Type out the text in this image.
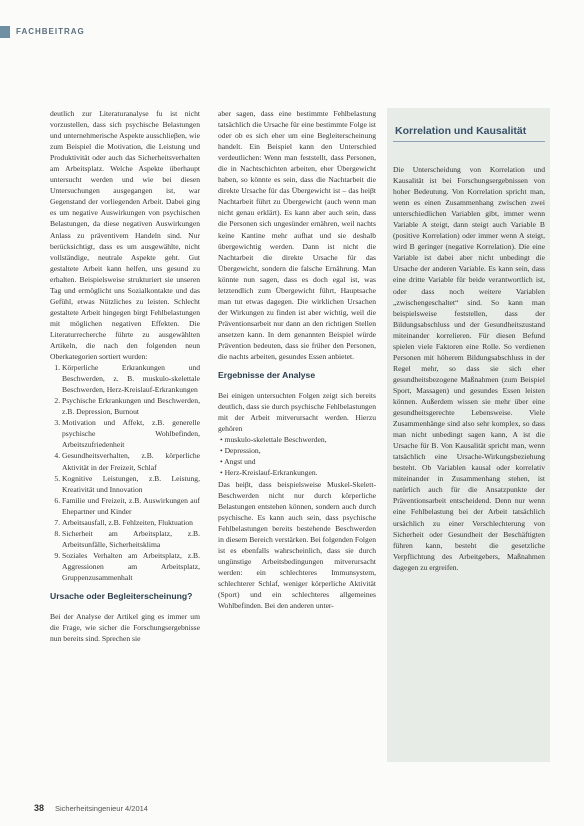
FACHBEITRAG

deutlich zur Literaturanalyse fu ist nicht vorzustellen, dass sich psychische Belastungen und unternehmerische Aspekte ausschlieβen, wie zum Beispiel die Motivation, die Leistung und Produktivität oder auch das Sicherheitsverhalten am Arbeitsplatz. Welche Aspekte überhaupt untersucht werden und wie bei diesen Untersuchungen ausgegangen ist, war Gegenstand der vorliegenden Arbeit. Dabei ging es um negative Auswirkungen von psychischen Belastungen, da diese negativen Auswirkungen Anlass zu präventivem Handeln sind. Nur berücksichtigt, dass es um ausgewählte, nicht vollständige, neutrale Aspekte geht. Gut gestaltete Arbeit kann helfen, uns gesund zu erhalten. Beispielsweise strukturiert sie unseren Tag und ermöglicht uns Sozialkontakte und das Gefühl, etwas Nützliches zu leisten. Schlecht gestaltete Arbeit hingegen birgt Fehlbelastungen mit möglichen negativen Effekten. Die Literaturrecherche führte zu ausgewählten Artikeln, die nach den folgenden neun Oberkategorien sortiert wurden:

1. Körperliche Erkrankungen und Beschwerden, z. B. muskulo-skelettale Beschwerden, Herz-Kreislauf-Erkrankungen
2. Psychische Erkrankungen und Beschwerden, z.B. Depression, Burnout
3. Motivation und Affekt, z.B. generelle psychische Wohlbefinden, Arbeitszufriedenheit
4. Gesundheitsverhalten, z.B. körperliche Aktivität in der Freizeit, Schlaf
5. Kognitive Leistungen, z.B. Leistung, Kreativität und Innovation
6. Familie und Freizeit, z.B. Auswirkungen auf Ehepartner und Kinder
7. Arbeitsausfall, z.B. Fehlzeiten, Fluktuation
8. Sicherheit am Arbeitsplatz, z.B. Arbeitsunfälle, Sicherheitsklima
9. Soziales Verhalten am Arbeitsplatz, z.B. Aggressionen am Arbeitsplatz, Gruppenzusammenhalt
Ursache oder Begleiterscheinung?

Bei der Analyse der Artikel ging es immer um die Frage, wie sicher die Forschungsergebnisse nun bereits sind. Sprechen sie

aber sagen, dass eine bestimmte Fehlbelastung tatsächlich die Ursache für eine bestimmte Folge ist oder ob es sich eher um eine Begleiterscheinung handelt. Ein Beispiel kann den Unterschied verdeutlichen: Wenn man feststellt, dass Personen, die in Nachtschichten arbeiten, eher Übergewicht haben, so könnte es sein, dass die Nachtarbeit die direkte Ursache für das Übergewicht ist – das heiβt Nachtarbeit führt zu Übergewicht (auch wenn man nicht genau erklärt). Es kann aber auch sein, dass die Personen sich ungesünder ernähren, weil nachts keine Kantine mehr aufhat und sie deshalb übergewichtig werden. Dann ist nicht die Nachtarbeit die direkte Ursache für das Übergewicht, sondern die falsche Ernährung. Man könnte nun sagen, dass es doch egal ist, was letztendlich zum Übergewicht führt, Hauptsache man tut etwas dagegen. Die wirklichen Ursachen der Wirkungen zu finden ist aber wichtig, weil die Präventionsarbeit nur dann an den richtigen Stellen ansetzen kann. In dem genannten Beispiel würde Prävention bedeuten, dass sie früher den Personen, die nachts arbeiten, gesundes Essen anbietet.

Ergebnisse der Analyse

Bei einigen untersuchten Folgen zeigt sich bereits deutlich, dass sie durch psychische Fehlbelastungen mit der Arbeit mitverursacht werden. Hierzu gehören

• muskulo-skelettale Beschwerden,
• Depression,
• Angst und
• Herz-Kreislauf-Erkrankungen.

Das heiβt, dass beispielsweise Muskel-Skelett-Beschwerden nicht nur durch körperliche Belastungen entstehen können, sondern auch durch psychische. Es kann auch sein, dass psychische Fehlbelastungen bereits bestehende Beschwerden in diesem Bereich verstärken. Bei folgenden Folgen ist es ebenfalls wahrscheinlich, dass sie durch ungünstige Arbeitsbedingungen mitverursacht werden: ein schlechteres Immunsystem, schlechterer Schlaf, weniger körperliche Aktivität (Sport) und ein schlechteres allgemeines Wohlbefinden. Bei den anderen unter-

Korrelation und Kausalität

Die Unterscheidung von Korrelation und Kausalität ist bei Forschungsergebnissen von hoher Bedeutung. Von Korrelation spricht man, wenn es einen Zusammenhang zwischen zwei unterschiedlichen Variablen gibt, immer wenn Variable A steigt, dann steigt auch Variable B (positive Korrelation) oder immer wenn A steigt, wird B geringer (negative Korrelation). Die eine Variable ist dabei aber nicht unbedingt die Ursache der anderen Variable. Es kann sein, dass eine dritte Variable für beide verantwortlich ist, oder dass noch weitere Variablen „zwischengeschaltet“ sind. So kann man beispielsweise feststellen, dass der Bildungsabschluss und der Gesundheitszustand miteinander korrelieren. Für diesen Befund spielen viele Faktoren eine Rolle. So verdienen Personen mit höherem Bildungsabschluss in der Regel mehr, so dass sie sich eher gesundheitsbezogene Maßnahmen (zum Beispiel Sport, Massagen) und gesundes Essen leisten können. Außerdem wissen sie mehr über eine gesundheitsgerechte Lebensweise. Viele Zusammenhänge sind also sehr komplex, so dass man nicht unbedingt sagen kann, A ist die Ursache für B. Von Kausalität spricht man, wenn tatsächlich eine Ursache-Wirkungsbeziehung besteht. Ob Variablen kausal oder korrelativ miteinander in Zusammenhang stehen, ist natürlich auch für die Ansatzpunkte der Präventionsarbeit entscheidend. Denn nur wenn eine Fehlbelastung bei der Arbeit tatsächlich ursächlich zu einer Verschlechterung von Sicherheit oder Gesundheit der Beschäftigten führen kann, besteht die gesetzliche Verpflichtung des Arbeitgebers, Maßnahmen dagegen zu ergreifen.

38 Sicherheitsingenieur 4/2014
